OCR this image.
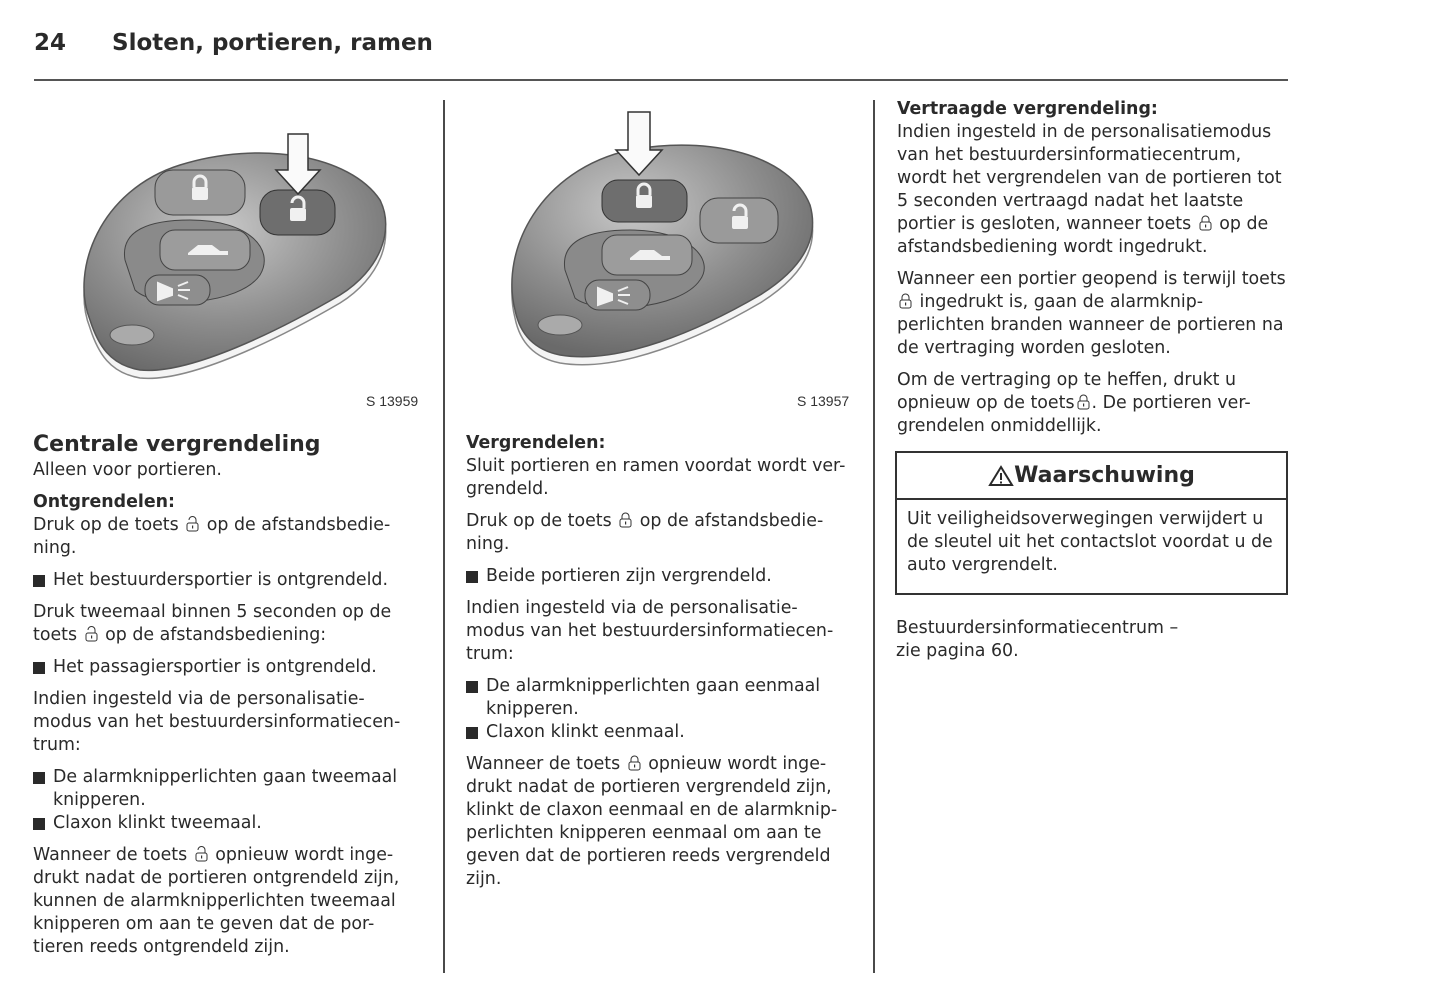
24 Sloten, portieren, ramen
S 13959	S 13957
Centrale vergrendeling

Alleen voor portieren.

Ontgrendelen:
Druk op de toets op de afstandsbedie-ning.

Het bestuurdersportier is ontgrendeld.

Druk tweemaal binnen 5 seconden op de toets op de afstandsbediening:

Het passagiersportier is ontgrendeld.

Indien ingesteld via de personalisatie-modus van het bestuurdersinformatiecen-trum:

De alarmknipperlichten gaan tweemaal knipperen.

Claxon klinkt tweemaal.

Wanneer de toets opnieuw wordt inge-drukt nadat de portieren ontgrendeld zijn, kunnen de alarmknipperlichten tweemaal knipperen om aan te geven dat de por-tieren reeds ontgrendeld zijn.

Vergrendelen:
Sluit portieren en ramen voordat wordt ver-grendeld.

Druk op de toets op de afstandsbedie-ning.

Beide portieren zijn vergrendeld.

Indien ingesteld via de personalisatie-modus van het bestuurdersinformatiecen-trum:

De alarmknipperlichten gaan eenmaal knipperen.

Claxon klinkt eenmaal.

Wanneer de toets opnieuw wordt inge-drukt nadat de portieren vergrendeld zijn, klinkt de claxon eenmaal en de alarmknip-perlichten knipperen eenmaal om aan te geven dat de portieren reeds vergrendeld zijn.

Vertraagde vergrendeling:
Indien ingesteld in de personalisatiemodus van het bestuurdersinformatiecentrum, wordt het vergrendelen van de portieren tot 5 seconden vertraagd nadat het laatste portier is gesloten, wanneer toets op de afstandsbediening wordt ingedrukt.

Wanneer een portier geopend is terwijl toets  ingedrukt is, gaan de alarmknip-perlichten branden wanneer de portieren na de vertraging worden gesloten.

Om de vertraging op te heffen, drukt u opnieuw op de toets . De portieren ver-grendelen onmiddellijk.

Waarschuwing
Uit veiligheidsoverwegingen verwijdert u de sleutel uit het contactslot voordat u de auto vergrendelt.

Bestuurdersinformatiecentrum – zie pagina 60.
